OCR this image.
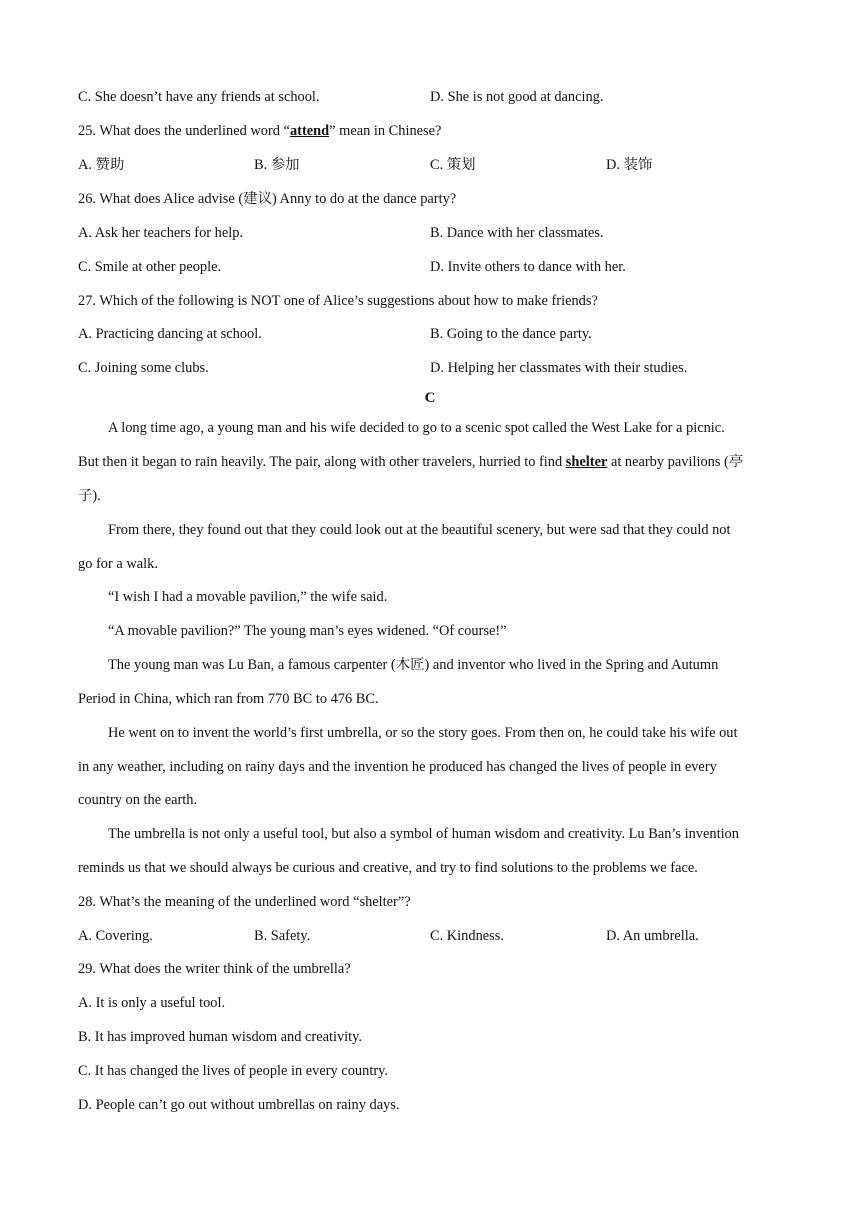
C. She doesn’t have any friends at school.	D. She is not good at dancing.
25. What does the underlined word “attend” mean in Chinese?
A. 赞助	B. 参加	C. 策划	D. 装饰
26. What does Alice advise (建议) Anny to do at the dance party?
A. Ask her teachers for help.	B. Dance with her classmates.
C. Smile at other people.	D. Invite others to dance with her.
27. Which of the following is NOT one of Alice’s suggestions about how to make friends?
A. Practicing dancing at school.	B. Going to the dance party.
C. Joining some clubs.	D. Helping her classmates with their studies.
C
A long time ago, a young man and his wife decided to go to a scenic spot called the West Lake for a picnic.
But then it began to rain heavily. The pair, along with other travelers, hurried to find shelter at nearby pavilions (亭
子).
From there, they found out that they could look out at the beautiful scenery, but were sad that they could not
go for a walk.
“I wish I had a movable pavilion,” the wife said.
“A movable pavilion?” The young man’s eyes widened. “Of course!”
The young man was Lu Ban, a famous carpenter (木匠) and inventor who lived in the Spring and Autumn
Period in China, which ran from 770 BC to 476 BC.
He went on to invent the world’s first umbrella, or so the story goes. From then on, he could take his wife out
in any weather, including on rainy days and the invention he produced has changed the lives of people in every
country on the earth.
The umbrella is not only a useful tool, but also a symbol of human wisdom and creativity. Lu Ban’s invention
reminds us that we should always be curious and creative, and try to find solutions to the problems we face.
28. What’s the meaning of the underlined word “shelter”?
A. Covering.	B. Safety.	C. Kindness.	D. An umbrella.
29. What does the writer think of the umbrella?
A. It is only a useful tool.
B. It has improved human wisdom and creativity.
C. It has changed the lives of people in every country.
D. People can’t go out without umbrellas on rainy days.
